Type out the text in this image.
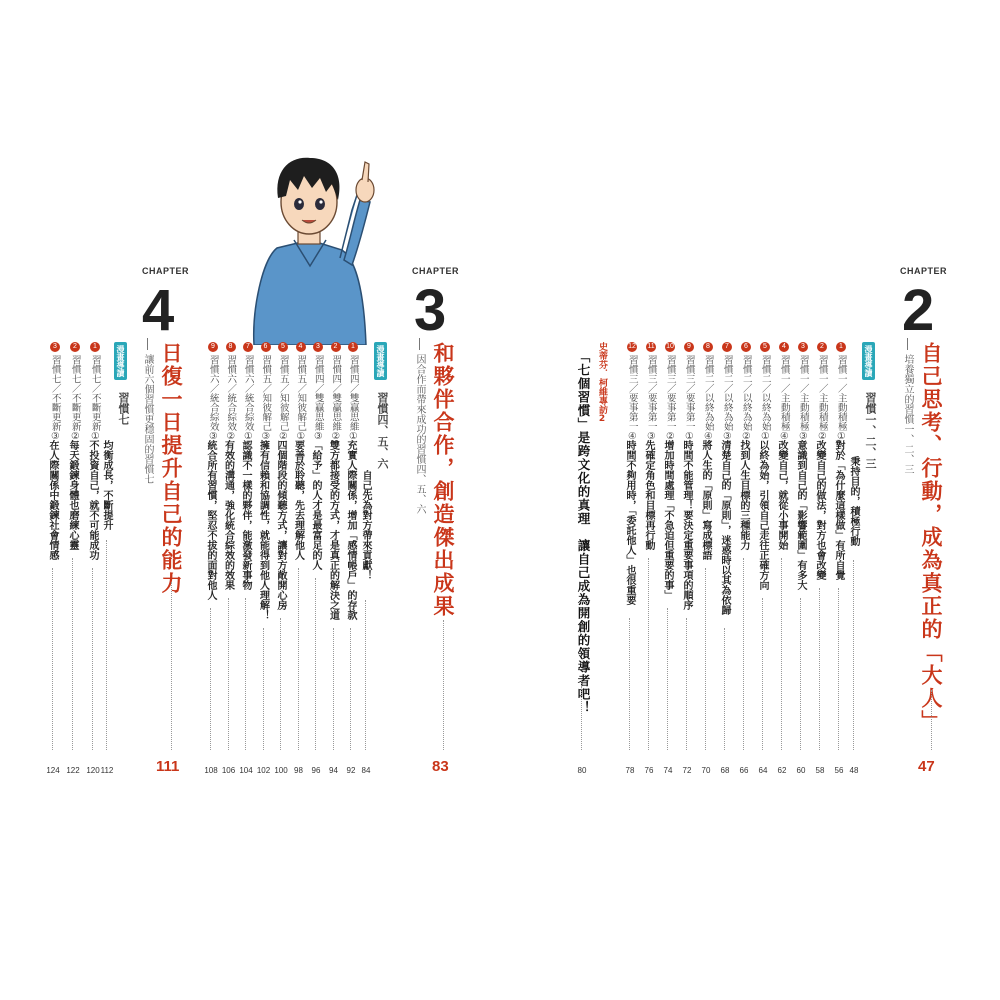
CHAPTER
4
日復一日提升自己的能力
讓前六個習慣更穩固的習慣七
111
漫畫導讀
習慣七
均衡成長，不斷提升
112
1
習慣七／不斷更新①
不投資自己，就不可能成功
120
2
習慣七／不斷更新②
每天鍛鍊身體也磨練心靈
122
3
習慣七／不斷更新③
在人際關係中鍛鍊社會情感
124
CHAPTER
3
和夥伴合作，創造傑出成果
因合作而帶來成功的習慣四、五、六
83
漫畫導讀
習慣四、五、六
自己先為對方帶來貢獻！
84
1
習慣四／雙贏思維①
充實人際關係，增加「感情帳戶」的存款
92
2
習慣四／雙贏思維②
雙方都接受的方式，才是真正的解決之道
94
3
習慣四／雙贏思維③
「給予」的人才是最富足的人
96
4
習慣五／知彼解己①
要善於聆聽，先去理解他人
98
5
習慣五／知彼解己②
四個階段的傾聽方式，讓對方敞開心房
100
6
習慣五／知彼解己③
擁有信賴和協調性，就能得到他人理解！
102
7
習慣六／統合綜效①
認識不一樣的夥伴，能激發新事物
104
8
習慣六／統合綜效②
有效的溝通，強化統合綜效的效果
106
9
習慣六／統合綜效③
統合所有習慣，堅忍不拔的面對他人
108
CHAPTER
2
自己思考、行動，成為真正的「大人」
培養獨立的習慣一、二、三
47
漫畫導讀
習慣一、二、三
秉持目的，積極行動
48
1
習慣一／主動積極①
對於「為什麼這樣做」有所自覺
56
2
習慣一／主動積極②
改變自己的做法，對方也會改變
58
3
習慣一／主動積極③
意識到自己的「影響範圍」有多大
60
4
習慣一／主動積極④
改變自己，就從小事開始
62
5
習慣二／以終為始①
以終為始，引領自己走往正確方向
64
6
習慣二／以終為始②
找到人生目標的三種能力
66
7
習慣二／以終為始③
清楚自己的「原則」，迷惑時以其為依歸
68
8
習慣二／以終為始④
將人生的「原則」寫成標語
70
9
習慣三／要事第一①
時間不能管理！要決定重要事項的順序
72
10
習慣三／要事第一②
增加時間處理「不急迫但重要的事」
74
11
習慣三／要事第一③
先確定角色和目標再行動
76
12
習慣三／要事第一④
時間不夠用時，「委託他人」也很重要
78
史蒂芬．柯維專訪2
「七個習慣」是跨文化的真理　讓自己成為開創的領導者吧！
80
